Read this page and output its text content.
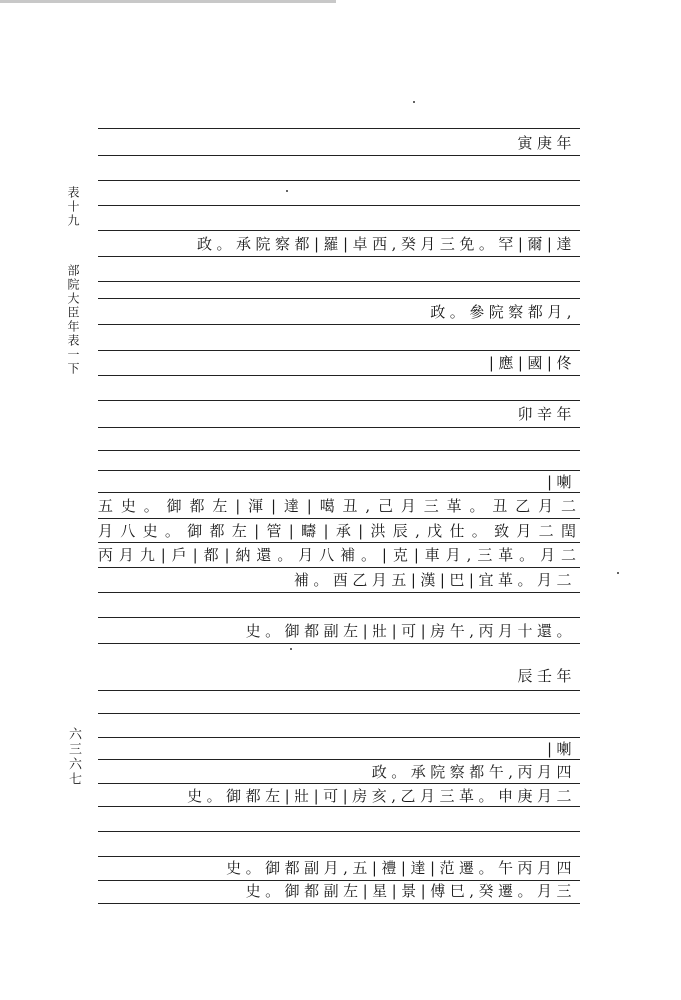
表十九
部院大臣年表一下
六三六七
寅庚年
政。承院察都|羅|卓西,癸月三免。罕|爾|達
政。參院察都月,
|應|國|佟
卯辛年
|喇
五史。御都左|渾|達|噶丑,己月三革。丑乙月二
月八史。御都左|管|疇|承|洪辰,戊仕。致月二閏
丙月九|戶|都|納還。月八補。|克|車月,三革。月二
補。酉乙月五|漢|巴|宜革。月二
史。御都副左|壯|可|房午,丙月十還。
辰壬年
|喇
政。承院察都午,丙月四
史。御都左|壯|可|房亥,乙月三革。申庚月二
史。御都副月,五|禮|達|范遷。午丙月四
史。御都副左|星|景|傅巳,癸遷。月三
